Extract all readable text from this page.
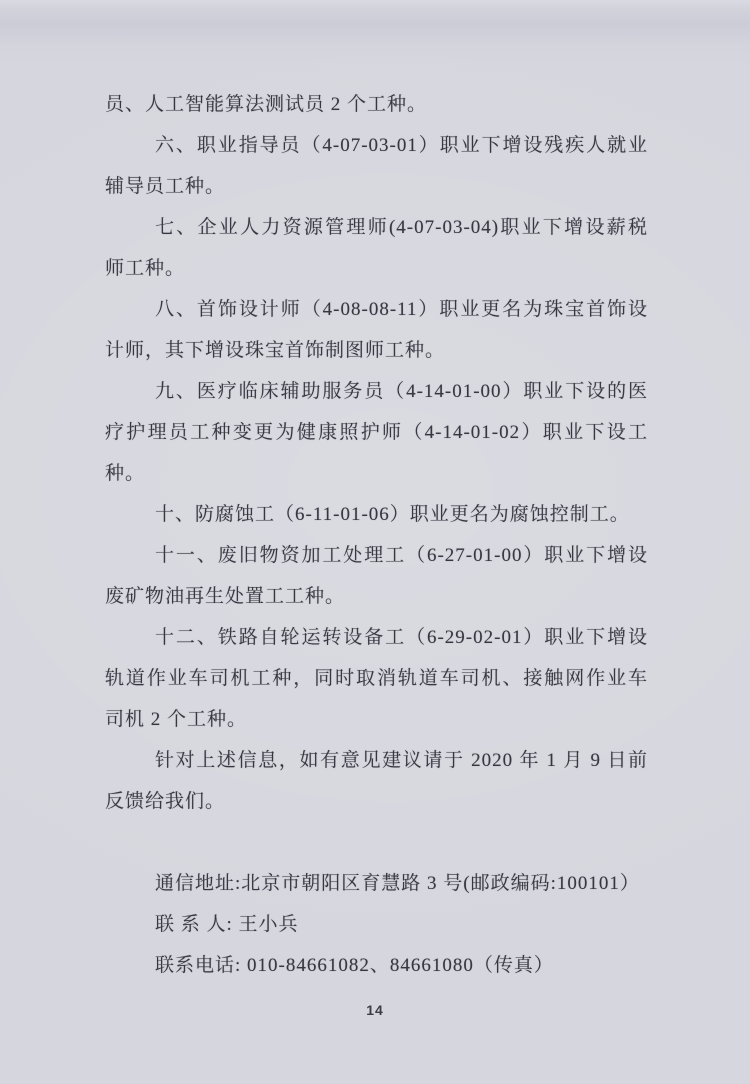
员、人工智能算法测试员 2 个工种。
六、职业指导员（4-07-03-01）职业下增设残疾人就业
辅导员工种。
七、企业人力资源管理师(4-07-03-04)职业下增设薪税
师工种。
八、首饰设计师（4-08-08-11）职业更名为珠宝首饰设
计师，其下增设珠宝首饰制图师工种。
九、医疗临床辅助服务员（4-14-01-00）职业下设的医
疗护理员工种变更为健康照护师（4-14-01-02）职业下设工
种。
十、防腐蚀工（6-11-01-06）职业更名为腐蚀控制工。
十一、废旧物资加工处理工（6-27-01-00）职业下增设
废矿物油再生处置工工种。
十二、铁路自轮运转设备工（6-29-02-01）职业下增设
轨道作业车司机工种，同时取消轨道车司机、接触网作业车
司机 2 个工种。
针对上述信息，如有意见建议请于 2020 年 1 月 9 日前
反馈给我们。
通信地址:北京市朝阳区育慧路 3 号(邮政编码:100101）
联 系 人: 王小兵
联系电话: 010-84661082、84661080（传真）
14
